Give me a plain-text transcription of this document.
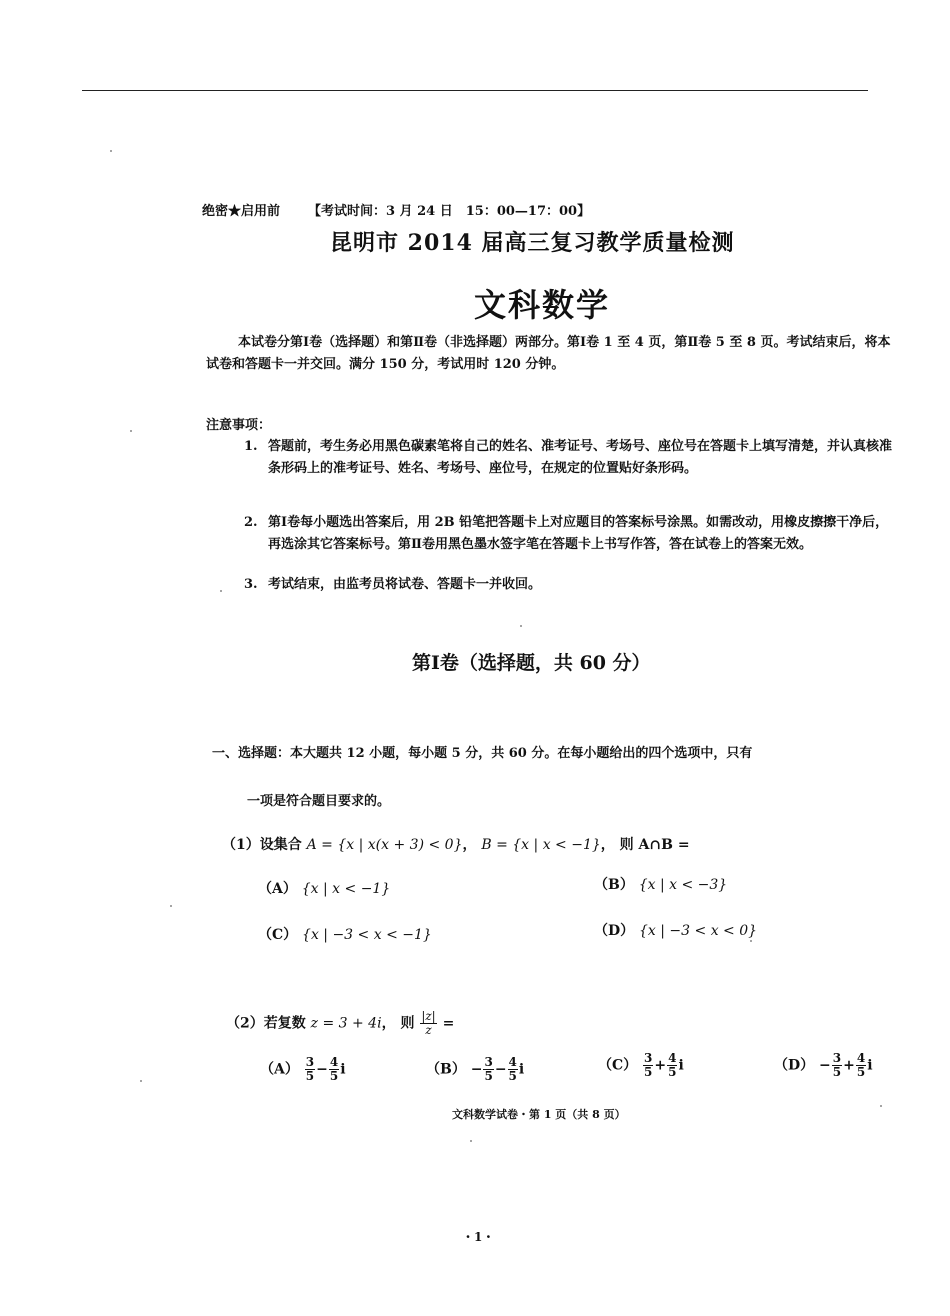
绝密★启用前 【考试时间：3 月 24 日　15：00—17：00】
昆明市 2014 届高三复习教学质量检测
文科数学

本试卷分第Ⅰ卷（选择题）和第Ⅱ卷（非选择题）两部分。第Ⅰ卷 1 至 4 页，第Ⅱ卷 5 至 8 页。考试结束后，将本试卷和答题卡一并交回。满分 150 分，考试用时 120 分钟。

注意事项：
1. 答题前，考生务必用黑色碳素笔将自己的姓名、准考证号、考场号、座位号在答题卡上填写清楚，并认真核准条形码上的准考证号、姓名、考场号、座位号，在规定的位置贴好条形码。
2. 第Ⅰ卷每小题选出答案后，用 2B 铅笔把答题卡上对应题目的答案标号涂黑。如需改动，用橡皮擦擦干净后，再选涂其它答案标号。第Ⅱ卷用黑色墨水签字笔在答题卡上书写作答，答在试卷上的答案无效。
3. 考试结束，由监考员将试卷、答题卡一并收回。
第Ⅰ卷（选择题，共 60 分）
一、选择题：本大题共 12 小题，每小题 5 分，共 60 分。在每小题给出的四个选项中，只有
一项是符合题目要求的。
（1）设集合 A = {x | x(x + 3) < 0}， B = {x | x < −1}， 则 A∩B =
（A） {x | x < −1}	（B） {x | x < −3}
（C） {x | −3 < x < −1}	（D） {x | −3 < x < 0}
（2）若复数 z = 3 + 4i， 则 $\frac{|z|}{z}$ =
$(A) \frac{3}{5} - \frac{4}{5}$ i	$(B) - \frac{3}{5} - \frac{4}{5}$ i	$(C) \frac{3}{5} + \frac{4}{5}$ i	$(D) - \frac{3}{5} + \frac{4}{5}$ i
文科数学试卷・第 1 页（共 8 页）
・1・
